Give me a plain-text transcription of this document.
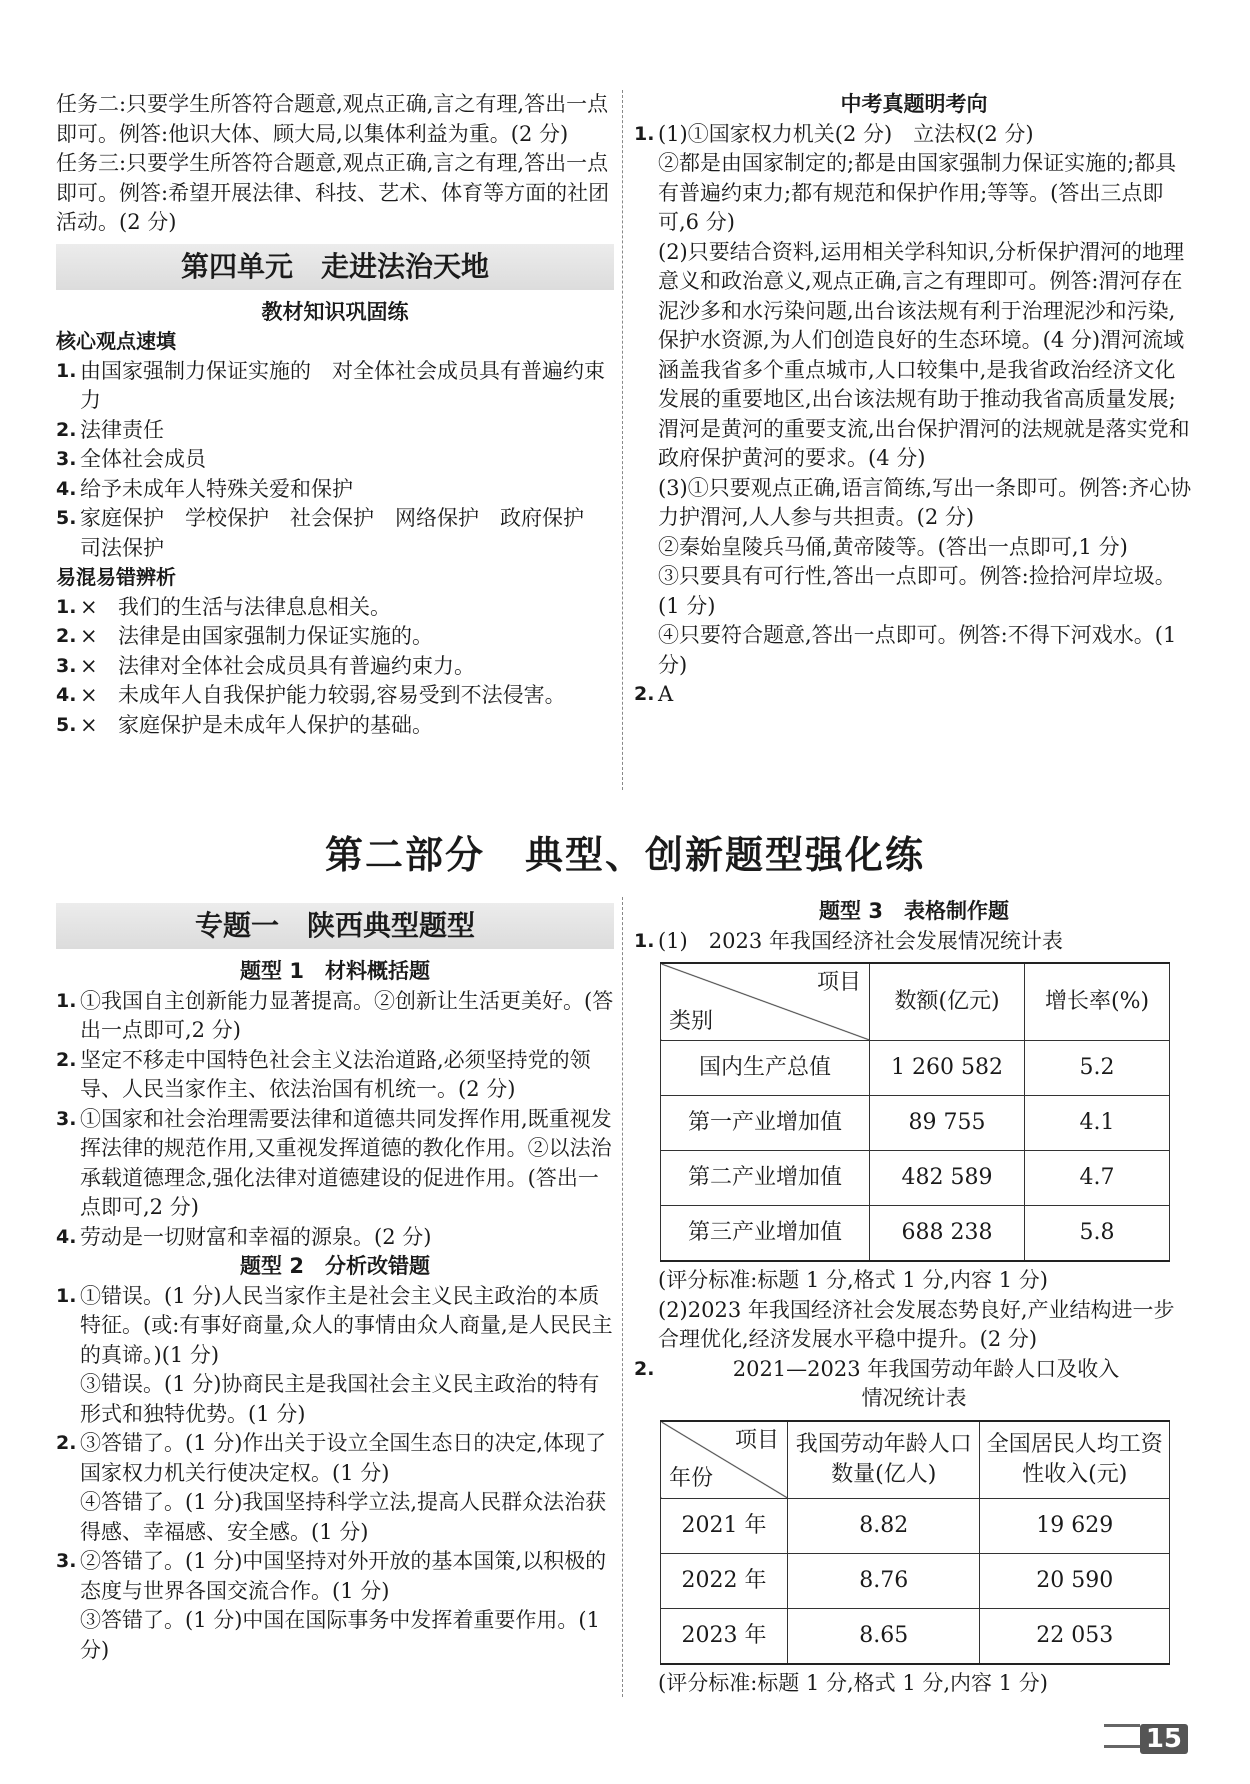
任务二:只要学生所答符合题意,观点正确,言之有理,答出一点即可。例答:他识大体、顾大局,以集体利益为重。(2 分)

任务三:只要学生所答符合题意,观点正确,言之有理,答出一点即可。例答:希望开展法律、科技、艺术、体育等方面的社团活动。(2 分)

第四单元　走进法治天地
教材知识巩固练
核心观点速填
1. 由国家强制力保证实施的　对全体社会成员具有普遍约束力
2. 法律责任
3. 全体社会成员
4. 给予未成年人特殊关爱和保护
5. 家庭保护　学校保护　社会保护　网络保护　政府保护　司法保护
易混易错辨析
1. × 我们的生活与法律息息相关。
2. × 法律是由国家强制力保证实施的。
3. × 法律对全体社会成员具有普遍约束力。
4. × 未成年人自我保护能力较弱,容易受到不法侵害。
5. × 家庭保护是未成年人保护的基础。
中考真题明考向
1. (1)①国家权力机关(2 分)　立法权(2 分)

②都是由国家制定的;都是由国家强制力保证实施的;都具有普遍约束力;都有规范和保护作用;等等。(答出三点即可,6 分)

(2)只要结合资料,运用相关学科知识,分析保护渭河的地理意义和政治意义,观点正确,言之有理即可。例答:渭河存在泥沙多和水污染问题,出台该法规有利于治理泥沙和污染,保护水资源,为人们创造良好的生态环境。(4 分)渭河流域涵盖我省多个重点城市,人口较集中,是我省政治经济文化发展的重要地区,出台该法规有助于推动我省高质量发展;渭河是黄河的重要支流,出台保护渭河的法规就是落实党和政府保护黄河的要求。(4 分)

(3)①只要观点正确,语言简练,写出一条即可。例答:齐心协力护渭河,人人参与共担责。(2 分)

②秦始皇陵兵马俑,黄帝陵等。(答出一点即可,1 分)

③只要具有可行性,答出一点即可。例答:捡拾河岸垃圾。(1 分)

④只要符合题意,答出一点即可。例答:不得下河戏水。(1 分)

2. A
第二部分　典型、创新题型强化练
专题一　陕西典型题型
题型 1　材料概括题
1. ①我国自主创新能力显著提高。②创新让生活更美好。(答出一点即可,2 分)
2. 坚定不移走中国特色社会主义法治道路,必须坚持党的领导、人民当家作主、依法治国有机统一。(2 分)
3. ①国家和社会治理需要法律和道德共同发挥作用,既重视发挥法律的规范作用,又重视发挥道德的教化作用。②以法治承载道德理念,强化法律对道德建设的促进作用。(答出一点即可,2 分)
4. 劳动是一切财富和幸福的源泉。(2 分)
题型 2　分析改错题
1. ①错误。(1 分)人民当家作主是社会主义民主政治的本质特征。(或:有事好商量,众人的事情由众人商量,是人民民主的真谛。)(1 分)

③错误。(1 分)协商民主是我国社会主义民主政治的特有形式和独特优势。(1 分)

2. ③答错了。(1 分)作出关于设立全国生态日的决定,体现了国家权力机关行使决定权。(1 分)

④答错了。(1 分)我国坚持科学立法,提高人民群众法治获得感、幸福感、安全感。(1 分)

3. ②答错了。(1 分)中国坚持对外开放的基本国策,以积极的态度与世界各国交流合作。(1 分)

③答错了。(1 分)中国在国际事务中发挥着重要作用。(1 分)

题型 3　表格制作题
1. (1)　2023 年我国经济社会发展情况统计表
项目
类别	数额(亿元)	增长率(%)
国内生产总值	1 260 582	5.2
第一产业增加值	89 755	4.1
第二产业增加值	482 589	4.7
第三产业增加值	688 238	5.8

(评分标准:标题 1 分,格式 1 分,内容 1 分)

(2)2023 年我国经济社会发展态势良好,产业结构进一步合理优化,经济发展水平稳中提升。(2 分)

2.	2021—2023 年我国劳动年龄人口及收入

情况统计表

项目
年份	我国劳动年龄人口数量(亿人)	全国居民人均工资性收入(元)
2021 年	8.82	19 629
2022 年	8.76	20 590
2023 年	8.65	22 053

(评分标准:标题 1 分,格式 1 分,内容 1 分)

15
